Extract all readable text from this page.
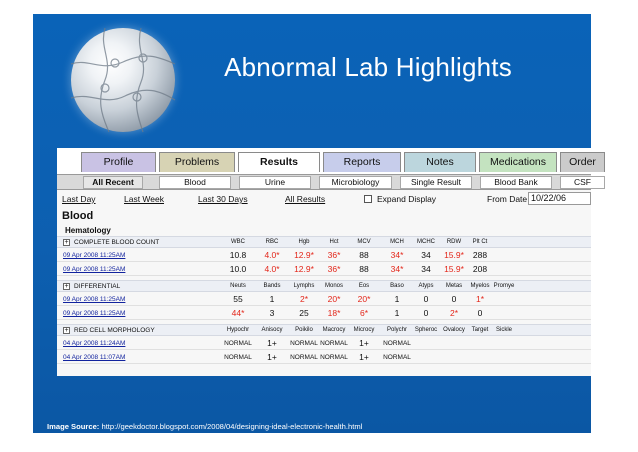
Abnormal Lab Highlights
Profile	Problems	Results	Reports	Notes	Medications	Order
All Recent	Blood	Urine	Microbiology	Single Result	Blood Bank	CSF
Last Day	Last Week	Last 30 Days	All Results	Expand Display	From Date 10/22/06
Blood
Hematology
+ COMPLETE BLOOD COUNT	WBC	RBC	Hgb	Hct	MCV	MCH	MCHC	RDW	Plt Ct
09 Apr 2008 11:25AM	10.8	4.0*	12.9*	36*	88	34*	34	15.9*	288
09 Apr 2008 11:25AM	10.0	4.0*	12.9*	36*	88	34*	34	15.9*	208
+ DIFFERENTIAL	Neuts	Bands	Lymphs	Monos	Eos	Baso	Atyps	Metas	Myelos Promye
09 Apr 2008 11:25AM	55	1	2*	20*	20*	1	0	0	1*
09 Apr 2008 11:25AM	44*	3	25	18*	6*	1	0	2*	0
+ RED CELL MORPHOLOGY	Hypochr	Anisocy	Poikilo	Macrocy	Microcy	Polychr	Spheroc Ovalocy	Target	Sickle
04 Apr 2008 11:24AM	NORMAL	1+	NORMAL NORMAL	1+	NORMAL
04 Apr 2008 11:07AM	NORMAL	1+	NORMAL NORMAL	1+	NORMAL
Image Source: http://geekdoctor.blogspot.com/2008/04/designing-ideal-electronic-health.html	42
